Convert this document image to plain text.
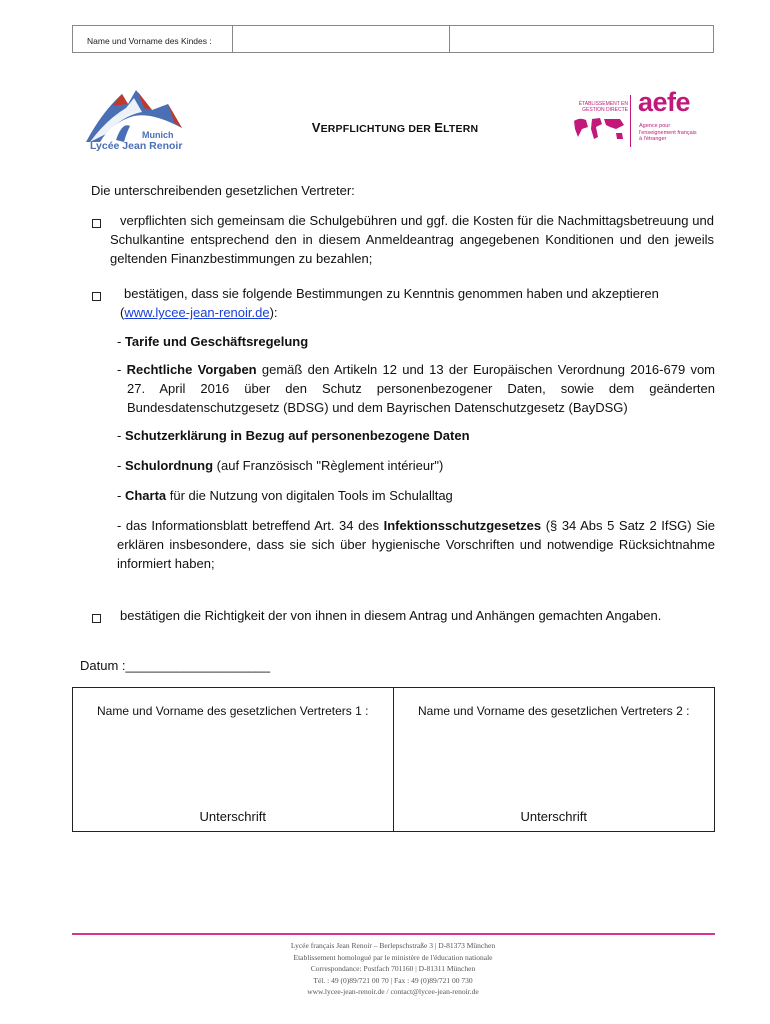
Name und Vorname des Kindes :
Munich
Lycée Jean Renoir
ÉTABLISSEMENT EN GESTION DIRECTE aefe
Agence pour
l'enseignement français
à l'étranger
VERPFLICHTUNG DER ELTERN
Die unterschreibenden gesetzlichen Vertreter:
verpflichten sich gemeinsam die Schulgebühren und ggf. die Kosten für die Nachmittagsbetreuung und Schulkantine entsprechend den in diesem Anmeldeantrag angegebenen Konditionen und den jeweils geltenden Finanzbestimmungen zu bezahlen;
bestätigen, dass sie folgende Bestimmungen zu Kenntnis genommen haben und akzeptieren
(www.lycee-jean-renoir.de):
- Tarife und Geschäftsregelung
- Rechtliche Vorgaben gemäß den Artikeln 12 und 13 der Europäischen Verordnung 2016-679 vom 27. April 2016 über den Schutz personenbezogener Daten, sowie dem geänderten Bundesdatenschutzgesetz (BDSG) und dem Bayrischen Datenschutzgesetz (BayDSG)
- Schutzerklärung in Bezug auf personenbezogene Daten
- Schulordnung (auf Französisch "Règlement intérieur")
- Charta für die Nutzung von digitalen Tools im Schulalltag
- das Informationsblatt betreffend Art. 34 des Infektionsschutzgesetzes (§ 34 Abs 5 Satz 2 IfSG) Sie erklären insbesondere, dass sie sich über hygienische Vorschriften und notwendige Rücksichtnahme informiert haben;
bestätigen die Richtigkeit der von ihnen in diesem Antrag und Anhängen gemachten Angaben.
Datum :____________________
Name und Vorname des gesetzlichen Vertreters 1 :
Unterschrift
Name und Vorname des gesetzlichen Vertreters 2 :
Unterschrift
Lycée français Jean Renoir – Berlepschstraße 3 | D-81373 München
Etablissement homologué par le ministère de l'éducation nationale
Correspondance: Postfach 701160 | D-81311 München
Tél. : 49 (0)89/721 00 70 | Fax : 49 (0)89/721 00 730
www.lycee-jean-renoir.de / contact@lycee-jean-renoir.de
